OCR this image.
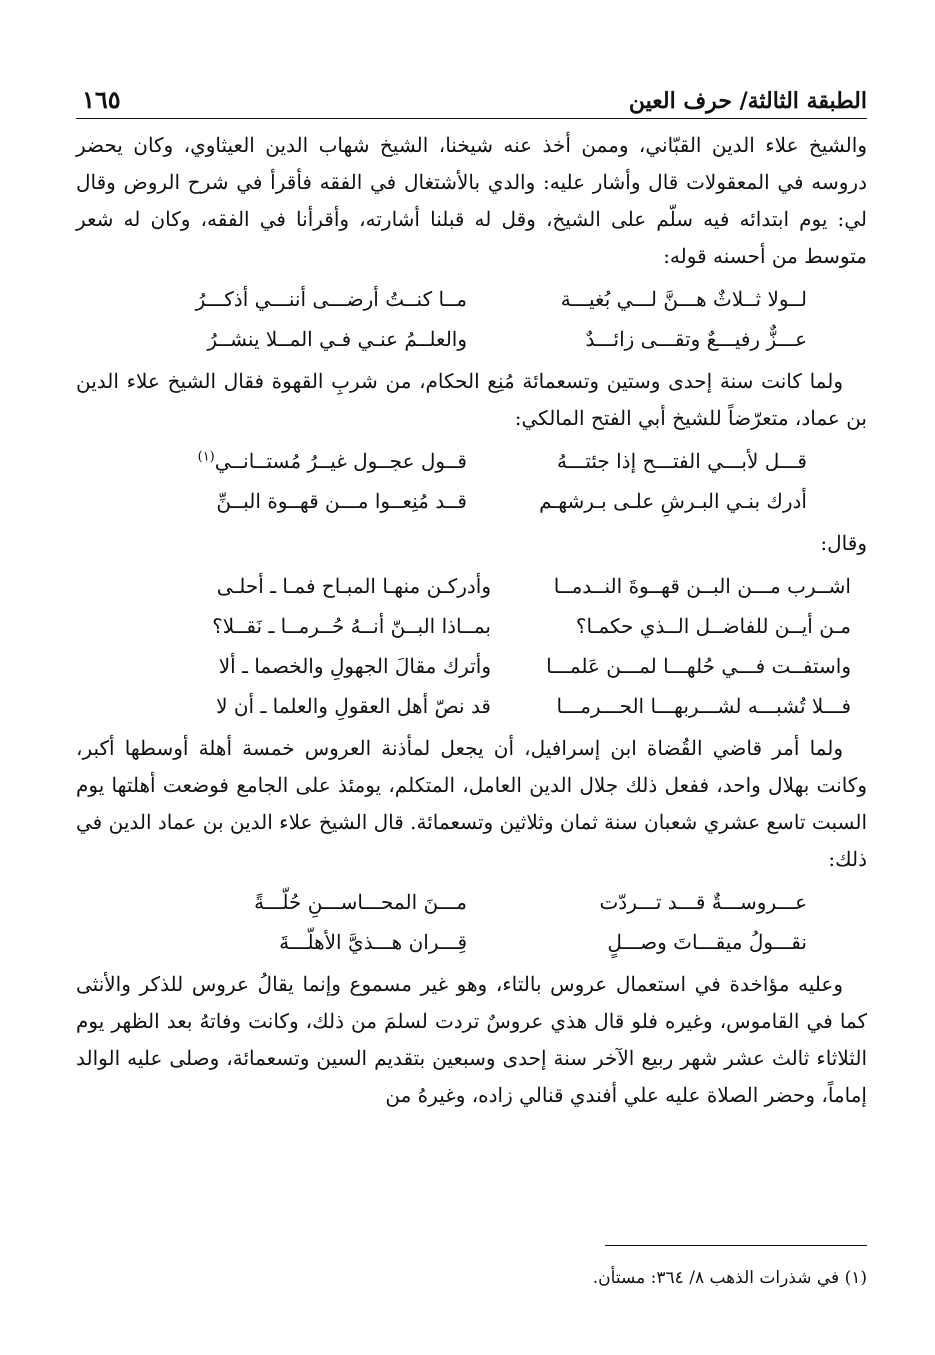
الطبقة الثالثة/ حرف العين
١٦٥

والشيخ علاء الدين القبّاني، وممن أخذ عنه شيخنا، الشيخ شهاب الدين العيثاوي، وكان يحضر دروسه في المعقولات قال وأشار عليه: والدي بالأشتغال في الفقه فأقرأ في شرح الروض وقال لي: يوم ابتدائه فيه سلّم على الشيخ، وقل له قبلنا أشارته، وأقرأنا في الفقه، وكان له شعر متوسط من أحسنه قوله:

لــولا ثــلاثٌ هـــنَّ لـــي بُغيـــة
مــا كنــتُ أرضـــى أننـــي أذكـــرُ
عـــزٌّ رفيـــعٌ وتقـــى زائـــدٌ
والعلــمُ عنـي فـي المــلا ينشــرُ

ولما كانت سنة إحدى وستين وتسعمائة مُنِع الحكام، من شربِ القهوة فقال الشيخ علاء الدين بن عماد، متعرّضاً للشيخ أبي الفتح المالكي:

قـــل لأبـــي الفتـــح إذا جئتـــهُ
قــول عجــول غيــرُ مُستــانــي$^{(١)}$
أدرك بنـي البـرشِ علـى بـرشهـم
قــد مُنِعــوا مـــن قهــوة البــنِّ

وقال:

اشــرب مـــن البــن قهــوةَ النــدمــا
وأدركـن منهـا المبـاح فمـا ـ أحلـى
مـن أيــن للفاضــل الــذي حكمـا؟
بمــاذا البــنّ أنــهُ حُــرمــا ـ نَقــلا؟
واستفــت فـــي حُلهـــا لمـــن عَلمـــا
وأترك مقالَ الجهولِ والخصما ـ ألا
فـــلا تُشبـــه لشـــربهـــا الحـــرمـــا
قد نصّ أهل العقولِ والعلما ـ أن لا

ولما أمر قاضي القُضاة ابن إسرافيل، أن يجعل لمأذنة العروس خمسة أهلة أوسطها أكبر، وكانت بهلال واحد، ففعل ذلك جلال الدين العامل، المتكلم، يومئذ على الجامع فوضعت أهلتها يوم السبت تاسع عشري شعبان سنة ثمان وثلاثين وتسعمائة. قال الشيخ علاء الدين بن عماد الدين في ذلك:

عـــروســـةٌ قـــد تـــردّت
مـــنَ المحـــاســـنِ حُلّـــةً
نقـــولُ ميقـــاتَ وصـــلٍ
قِـــران هـــذيَّ الأهلّـــةَ

وعليه مؤاخدة في استعمال عروس بالتاء، وهو غير مسموع وإنما يقالُ عروس للذكر والأنثى كما في القاموس، وغيره فلو قال هذي عروسٌ تردت لسلمَ من ذلك، وكانت وفاتهُ بعد الظهر يوم الثلاثاء ثالث عشر شهر ربيع الآخر سنة إحدى وسبعين بتقديم السين وتسعمائة، وصلى عليه الوالد إماماً، وحضر الصلاة عليه علي أفندي قنالي زاده، وغيرهُ من

(١) في شذرات الذهب ٨/ ٣٦٤: مستأن.
